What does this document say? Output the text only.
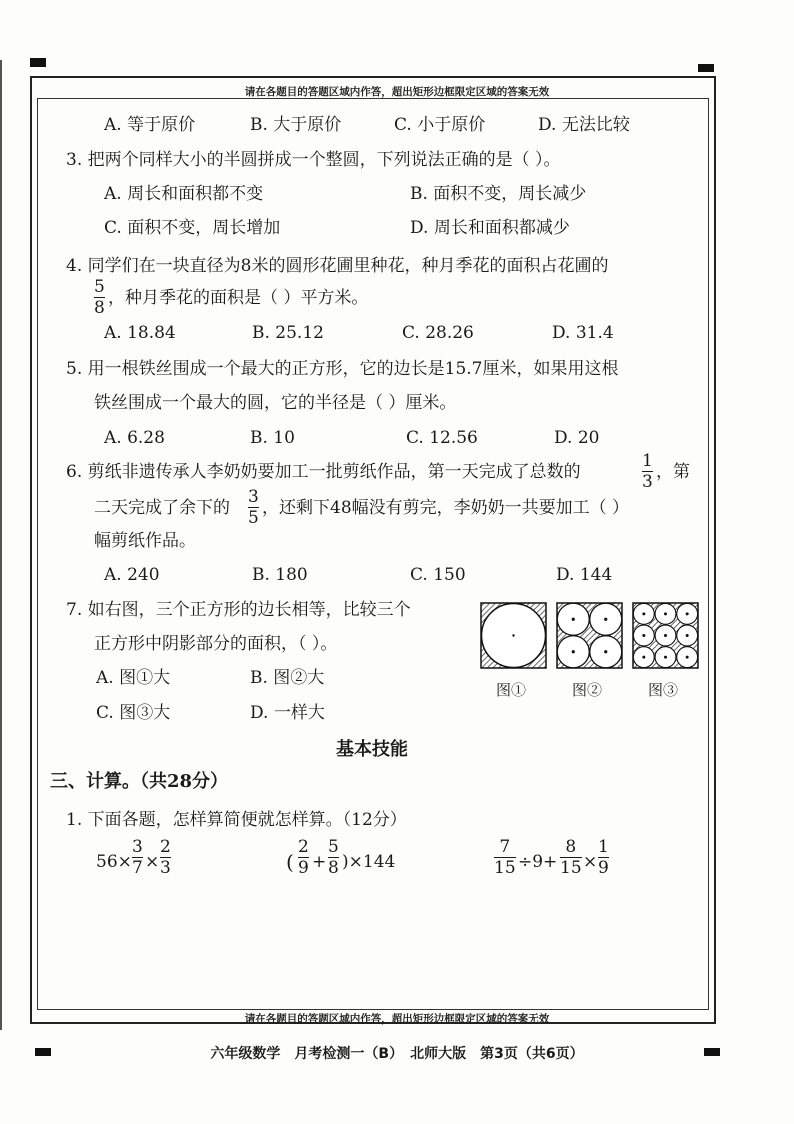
请在各题目的答题区域内作答，超出矩形边框限定区域的答案无效
请在各题目的答题区域内作答，超出矩形边框限定区域的答案无效
A. 等于原价	B. 大于原价	C. 小于原价	D. 无法比较
3. 把两个同样大小的半圆拼成一个整圆，下列说法正确的是（ ）。
A. 周长和面积都不变	B. 面积不变，周长减少
C. 面积不变，周长增加	D. 周长和面积都减少
4. 同学们在一块直径为8米的圆形花圃里种花，种月季花的面积占花圃的
5
8 ，种月季花的面积是（ ）平方米。
A. 18.84	B. 25.12	C. 28.26	D. 31.4
5. 用一根铁丝围成一个最大的正方形，它的边长是15.7厘米，如果用这根
铁丝围成一个最大的圆，它的半径是（ ）厘米。
A. 6.28	B. 10	C. 12.56	D. 20
6. 剪纸非遗传承人李奶奶要加工一批剪纸作品，第一天完成了总数的
1
3 ，第
二天完成了余下的
3
5 ，还剩下48幅没有剪完，李奶奶一共要加工（ ）
幅剪纸作品。
A. 240	B. 180	C. 150	D. 144
7. 如右图，三个正方形的边长相等，比较三个
正方形中阴影部分的面积，（ ）。
A. 图①大	B. 图②大
C. 图③大	D. 一样大
图①	图②	图③
基本技能
三、计算。（共28分）
1. 下面各题，怎样算简便就怎样算。（12分）
56×
3
7 ×
2
3	(
2
9 +
5
8 )×144
7
15 ÷9+
8
15 ×
1
9
六年级数学　月考检测一（B）　北师大版　第3页（共6页）
